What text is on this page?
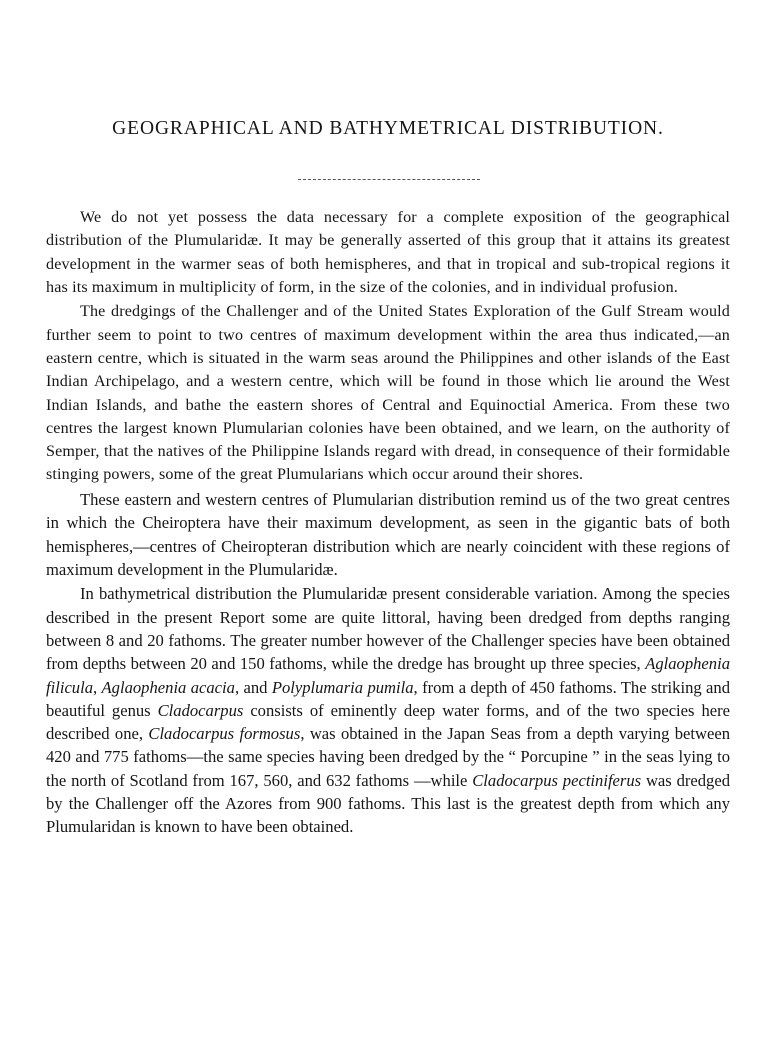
GEOGRAPHICAL AND BATHYMETRICAL DISTRIBUTION.

We do not yet possess the data necessary for a complete exposition of the geographical distribution of the Plumularidæ. It may be generally asserted of this group that it attains its greatest development in the warmer seas of both hemispheres, and that in tropical and sub-tropical regions it has its maximum in multiplicity of form, in the size of the colonies, and in individual profusion.

The dredgings of the Challenger and of the United States Exploration of the Gulf Stream would further seem to point to two centres of maximum development within the area thus indicated,—an eastern centre, which is situated in the warm seas around the Philippines and other islands of the East Indian Archipelago, and a western centre, which will be found in those which lie around the West Indian Islands, and bathe the eastern shores of Central and Equinoctial America. From these two centres the largest known Plumularian colonies have been obtained, and we learn, on the authority of Semper, that the natives of the Philippine Islands regard with dread, in consequence of their formidable stinging powers, some of the great Plumularians which occur around their shores.

These eastern and western centres of Plumularian distribution remind us of the two great centres in which the Cheiroptera have their maximum development, as seen in the gigantic bats of both hemispheres,—centres of Cheiropteran distribution which are nearly coincident with these regions of maximum development in the Plumularidæ.

In bathymetrical distribution the Plumularidæ present considerable variation. Among the species described in the present Report some are quite littoral, having been dredged from depths ranging between 8 and 20 fathoms. The greater number however of the Challenger species have been obtained from depths between 20 and 150 fathoms, while the dredge has brought up three species, Aglaophenia filicula, Aglaophenia acacia, and Polyplumaria pumila, from a depth of 450 fathoms. The striking and beautiful genus Cladocarpus consists of eminently deep water forms, and of the two species here described one, Cladocarpus formosus, was obtained in the Japan Seas from a depth varying between 420 and 775 fathoms—the same species having been dredged by the “ Porcupine ” in the seas lying to the north of Scotland from 167, 560, and 632 fathoms —while Cladocarpus pectiniferus was dredged by the Challenger off the Azores from 900 fathoms. This last is the greatest depth from which any Plumularidan is known to have been obtained.
